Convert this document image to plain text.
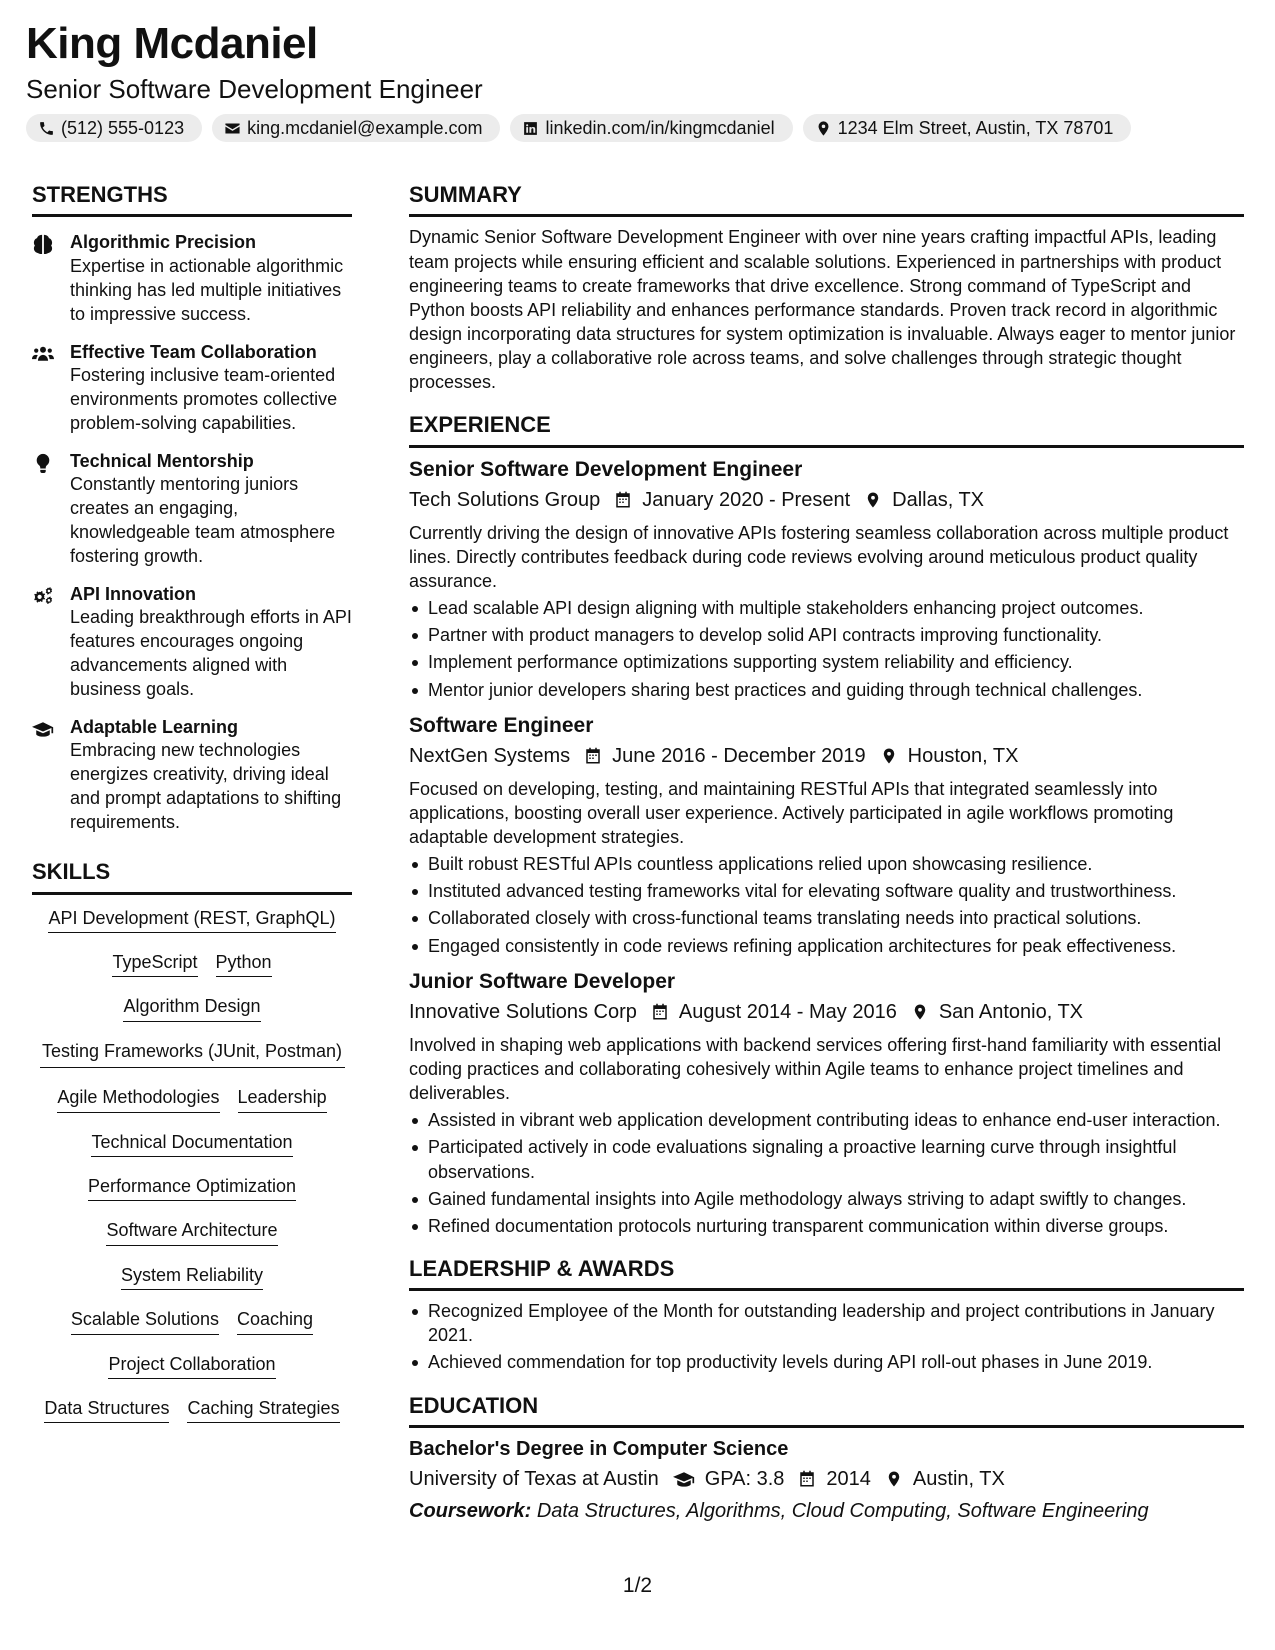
King Mcdaniel
Senior Software Development Engineer
(512) 555-0123	king.mcdaniel@example.com	linkedin.com/in/kingmcdaniel	1234 Elm Street, Austin, TX 78701
STRENGTHS
Algorithmic Precision
Expertise in actionable algorithmic thinking has led multiple initiatives to impressive success.
Effective Team Collaboration
Fostering inclusive team-oriented environments promotes collective problem-solving capabilities.
Technical Mentorship
Constantly mentoring juniors creates an engaging, knowledgeable team atmosphere fostering growth.
API Innovation
Leading breakthrough efforts in API features encourages ongoing advancements aligned with business goals.
Adaptable Learning
Embracing new technologies energizes creativity, driving ideal and prompt adaptations to shifting requirements.
SKILLS
API Development (REST, GraphQL)
TypeScript Python
Algorithm Design
Testing Frameworks (JUnit, Postman)
Agile Methodologies Leadership
Technical Documentation
Performance Optimization
Software Architecture
System Reliability
Scalable Solutions Coaching
Project Collaboration
Data Structures Caching Strategies
SUMMARY
Dynamic Senior Software Development Engineer with over nine years crafting impactful APIs, leading team projects while ensuring efficient and scalable solutions. Experienced in partnerships with product engineering teams to create frameworks that drive excellence. Strong command of TypeScript and Python boosts API reliability and enhances performance standards. Proven track record in algorithmic design incorporating data structures for system optimization is invaluable. Always eager to mentor junior engineers, play a collaborative role across teams, and solve challenges through strategic thought processes.
EXPERIENCE
Senior Software Development Engineer
Tech Solutions Group January 2020 - Present Dallas, TX
Currently driving the design of innovative APIs fostering seamless collaboration across multiple product lines. Directly contributes feedback during code reviews evolving around meticulous product quality assurance.
Lead scalable API design aligning with multiple stakeholders enhancing project outcomes.
Partner with product managers to develop solid API contracts improving functionality.
Implement performance optimizations supporting system reliability and efficiency.
Mentor junior developers sharing best practices and guiding through technical challenges.
Software Engineer
NextGen Systems June 2016 - December 2019 Houston, TX
Focused on developing, testing, and maintaining RESTful APIs that integrated seamlessly into applications, boosting overall user experience. Actively participated in agile workflows promoting adaptable development strategies.
Built robust RESTful APIs countless applications relied upon showcasing resilience.
Instituted advanced testing frameworks vital for elevating software quality and trustworthiness.
Collaborated closely with cross-functional teams translating needs into practical solutions.
Engaged consistently in code reviews refining application architectures for peak effectiveness.
Junior Software Developer
Innovative Solutions Corp August 2014 - May 2016 San Antonio, TX
Involved in shaping web applications with backend services offering first-hand familiarity with essential coding practices and collaborating cohesively within Agile teams to enhance project timelines and deliverables.
Assisted in vibrant web application development contributing ideas to enhance end-user interaction.
Participated actively in code evaluations signaling a proactive learning curve through insightful observations.
Gained fundamental insights into Agile methodology always striving to adapt swiftly to changes.
Refined documentation protocols nurturing transparent communication within diverse groups.
LEADERSHIP & AWARDS
Recognized Employee of the Month for outstanding leadership and project contributions in January 2021.
Achieved commendation for top productivity levels during API roll-out phases in June 2019.
EDUCATION
Bachelor's Degree in Computer Science
University of Texas at Austin GPA: 3.8 2014 Austin, TX
Coursework: Data Structures, Algorithms, Cloud Computing, Software Engineering
1/2
